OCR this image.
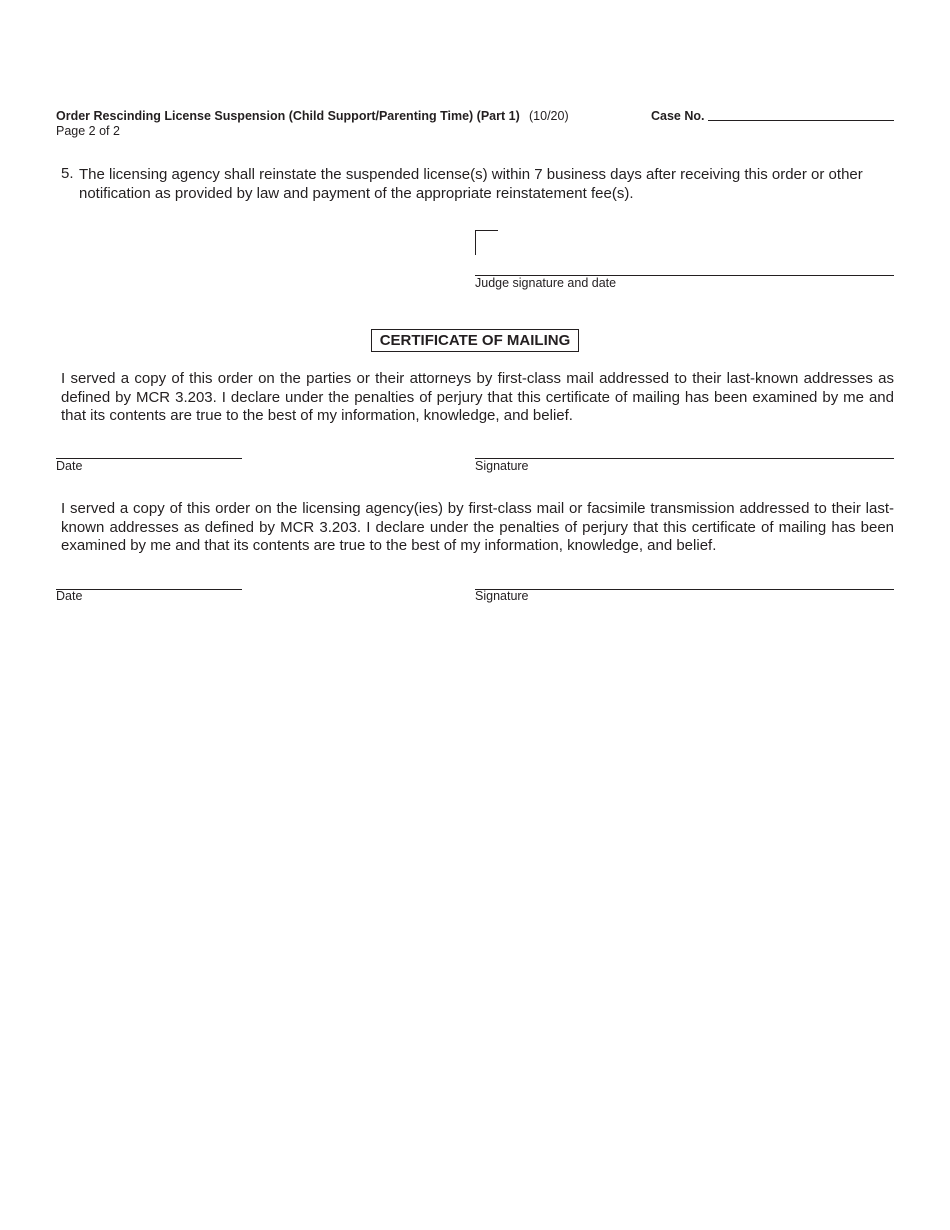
Order Rescinding License Suspension (Child Support/Parenting Time) (Part 1) (10/20)	Case No.
Page 2 of 2
5. The licensing agency shall reinstate the suspended license(s) within 7 business days after receiving this order or other notification as provided by law and payment of the appropriate reinstatement fee(s).
Judge signature and date
CERTIFICATE OF MAILING
I served a copy of this order on the parties or their attorneys by first-class mail addressed to their last-known addresses as defined by MCR 3.203. I declare under the penalties of perjury that this certificate of mailing has been examined by me and that its contents are true to the best of my information, knowledge, and belief.
Date	Signature
I served a copy of this order on the licensing agency(ies) by first-class mail or facsimile transmission addressed to their last-known addresses as defined by MCR 3.203. I declare under the penalties of perjury that this certificate of mailing has been examined by me and that its contents are true to the best of my information, knowledge, and belief.
Date	Signature
